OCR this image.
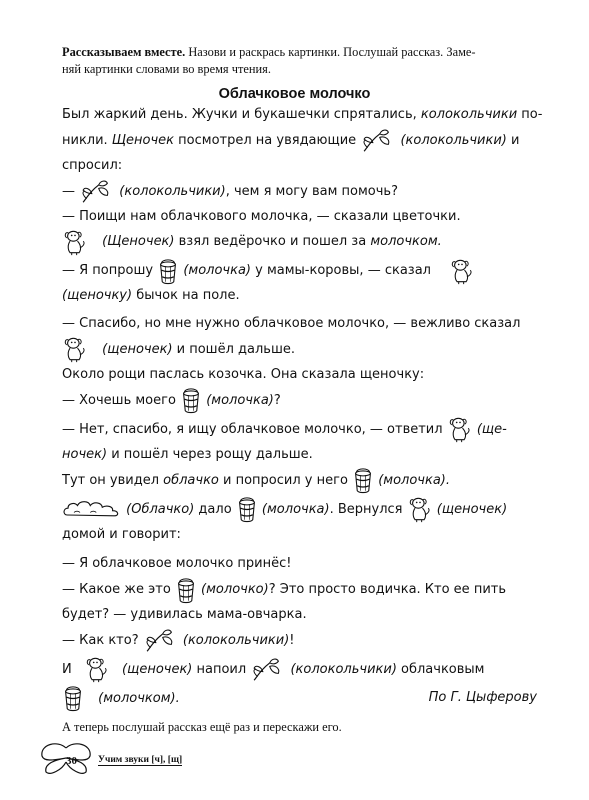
Рассказываем вместе. Назови и раскрась картинки. Послушай рассказ. Заме-
няй картинки словами во время чтения.
Облачковое молочко
Был жаркий день. Жучки и букашечки спрятались, колокольчики по-
никли. Щеночек посмотрел на увядающие	(колокольчики) и
спросил:
—	(колокольчики), чем я могу вам помочь?
— Поищи нам облачкового молочка, — сказали цветочки.
(Щеночек) взял ведёрочко и пошел за молочком.
— Я попрошу
(молочка) у мамы-коровы, — сказал
(щеночку) бычок на поле.
— Спасибо, но мне нужно облачковое молочко, — вежливо сказал
(щеночек) и пошёл дальше.
Около рощи паслась козочка. Она сказала щеночку:
— Хочешь моего
(молочка)?
— Нет, спасибо, я ищу облачковое молочко, — ответил
(ще-
ночек) и пошёл через рощу дальше.
Тут он увидел облачко и попросил у него
(молочка).
(Облачко) дало
(молочка). Вернулся
(щеночек)
домой и говорит:
— Я облачковое молочко принёс!
— Какое же это
(молочко)? Это просто водичка. Кто ее пить
будет? — удивилась мама-овчарка.
— Как кто?	(колокольчики)!
И	(щеночек) напоил	(колокольчики) облачковым
(молочком).	По Г. Цыферову
А теперь послушай рассказ ещё раз и перескажи его.
30 Учим звуки [ч], [щ]
